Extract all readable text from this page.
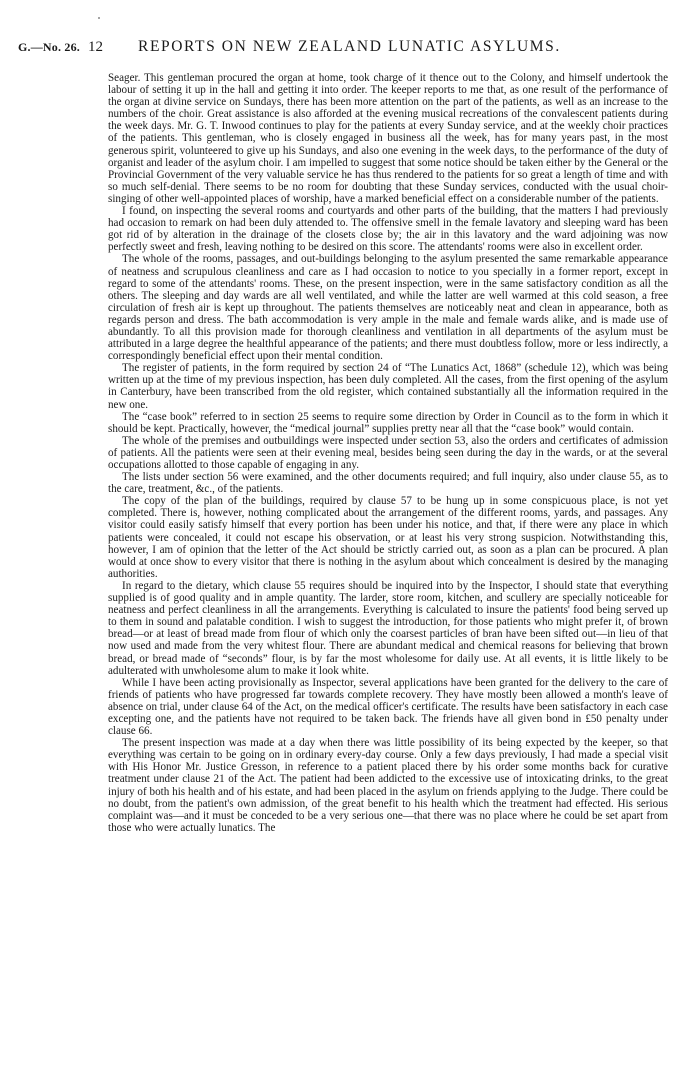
G.—No. 26. 12	REPORTS ON NEW ZEALAND LUNATIC ASYLUMS.

Seager. This gentleman procured the organ at home, took charge of it thence out to the Colony, and himself undertook the labour of setting it up in the hall and getting it into order. The keeper reports to me that, as one result of the performance of the organ at divine service on Sundays, there has been more attention on the part of the patients, as well as an increase to the numbers of the choir. Great assistance is also afforded at the evening musical recreations of the convalescent patients during the week days. Mr. G. T. Inwood continues to play for the patients at every Sunday service, and at the weekly choir practices of the patients. This gentleman, who is closely engaged in business all the week, has for many years past, in the most generous spirit, volunteered to give up his Sundays, and also one evening in the week days, to the performance of the duty of organist and leader of the asylum choir. I am impelled to suggest that some notice should be taken either by the General or the Provincial Government of the very valuable service he has thus rendered to the patients for so great a length of time and with so much self-denial. There seems to be no room for doubting that these Sunday services, conducted with the usual choir-singing of other well-appointed places of worship, have a marked beneficial effect on a considerable number of the patients.

I found, on inspecting the several rooms and courtyards and other parts of the building, that the matters I had previously had occasion to remark on had been duly attended to. The offensive smell in the female lavatory and sleeping ward has been got rid of by alteration in the drainage of the closets close by; the air in this lavatory and the ward adjoining was now perfectly sweet and fresh, leaving nothing to be desired on this score. The attendants' rooms were also in excellent order.

The whole of the rooms, passages, and out-buildings belonging to the asylum presented the same remarkable appearance of neatness and scrupulous cleanliness and care as I had occasion to notice to you specially in a former report, except in regard to some of the attendants' rooms. These, on the present inspection, were in the same satisfactory condition as all the others. The sleeping and day wards are all well ventilated, and while the latter are well warmed at this cold season, a free circulation of fresh air is kept up throughout. The patients themselves are noticeably neat and clean in appearance, both as regards person and dress. The bath accommodation is very ample in the male and female wards alike, and is made use of abundantly. To all this provision made for thorough cleanliness and ventilation in all departments of the asylum must be attributed in a large degree the healthful appearance of the patients; and there must doubtless follow, more or less indirectly, a correspondingly beneficial effect upon their mental condition.

The register of patients, in the form required by section 24 of “The Lunatics Act, 1868” (schedule 12), which was being written up at the time of my previous inspection, has been duly completed. All the cases, from the first opening of the asylum in Canterbury, have been transcribed from the old register, which contained substantially all the information required in the new one.

The “case book” referred to in section 25 seems to require some direction by Order in Council as to the form in which it should be kept. Practically, however, the “medical journal” supplies pretty near all that the “case book” would contain.

The whole of the premises and outbuildings were inspected under section 53, also the orders and certificates of admission of patients. All the patients were seen at their evening meal, besides being seen during the day in the wards, or at the several occupations allotted to those capable of engaging in any.

The lists under section 56 were examined, and the other documents required; and full inquiry, also under clause 55, as to the care, treatment, &c., of the patients.

The copy of the plan of the buildings, required by clause 57 to be hung up in some conspicuous place, is not yet completed. There is, however, nothing complicated about the arrangement of the different rooms, yards, and passages. Any visitor could easily satisfy himself that every portion has been under his notice, and that, if there were any place in which patients were concealed, it could not escape his observation, or at least his very strong suspicion. Notwithstanding this, however, I am of opinion that the letter of the Act should be strictly carried out, as soon as a plan can be procured. A plan would at once show to every visitor that there is nothing in the asylum about which concealment is desired by the managing authorities.

In regard to the dietary, which clause 55 requires should be inquired into by the Inspector, I should state that everything supplied is of good quality and in ample quantity. The larder, store room, kitchen, and scullery are specially noticeable for neatness and perfect cleanliness in all the arrangements. Everything is calculated to insure the patients' food being served up to them in sound and palatable condition. I wish to suggest the introduction, for those patients who might prefer it, of brown bread—or at least of bread made from flour of which only the coarsest particles of bran have been sifted out—in lieu of that now used and made from the very whitest flour. There are abundant medical and chemical reasons for believing that brown bread, or bread made of “seconds” flour, is by far the most wholesome for daily use. At all events, it is little likely to be adulterated with unwholesome alum to make it look white.

While I have been acting provisionally as Inspector, several applications have been granted for the delivery to the care of friends of patients who have progressed far towards complete recovery. They have mostly been allowed a month's leave of absence on trial, under clause 64 of the Act, on the medical officer's certificate. The results have been satisfactory in each case excepting one, and the patients have not required to be taken back. The friends have all given bond in £50 penalty under clause 66.

The present inspection was made at a day when there was little possibility of its being expected by the keeper, so that everything was certain to be going on in ordinary every-day course. Only a few days previously, I had made a special visit with His Honor Mr. Justice Gresson, in reference to a patient placed there by his order some months back for curative treatment under clause 21 of the Act. The patient had been addicted to the excessive use of intoxicating drinks, to the great injury of both his health and of his estate, and had been placed in the asylum on friends applying to the Judge. There could be no doubt, from the patient's own admission, of the great benefit to his health which the treatment had effected. His serious complaint was—and it must be conceded to be a very serious one—that there was no place where he could be set apart from those who were actually lunatics. The
